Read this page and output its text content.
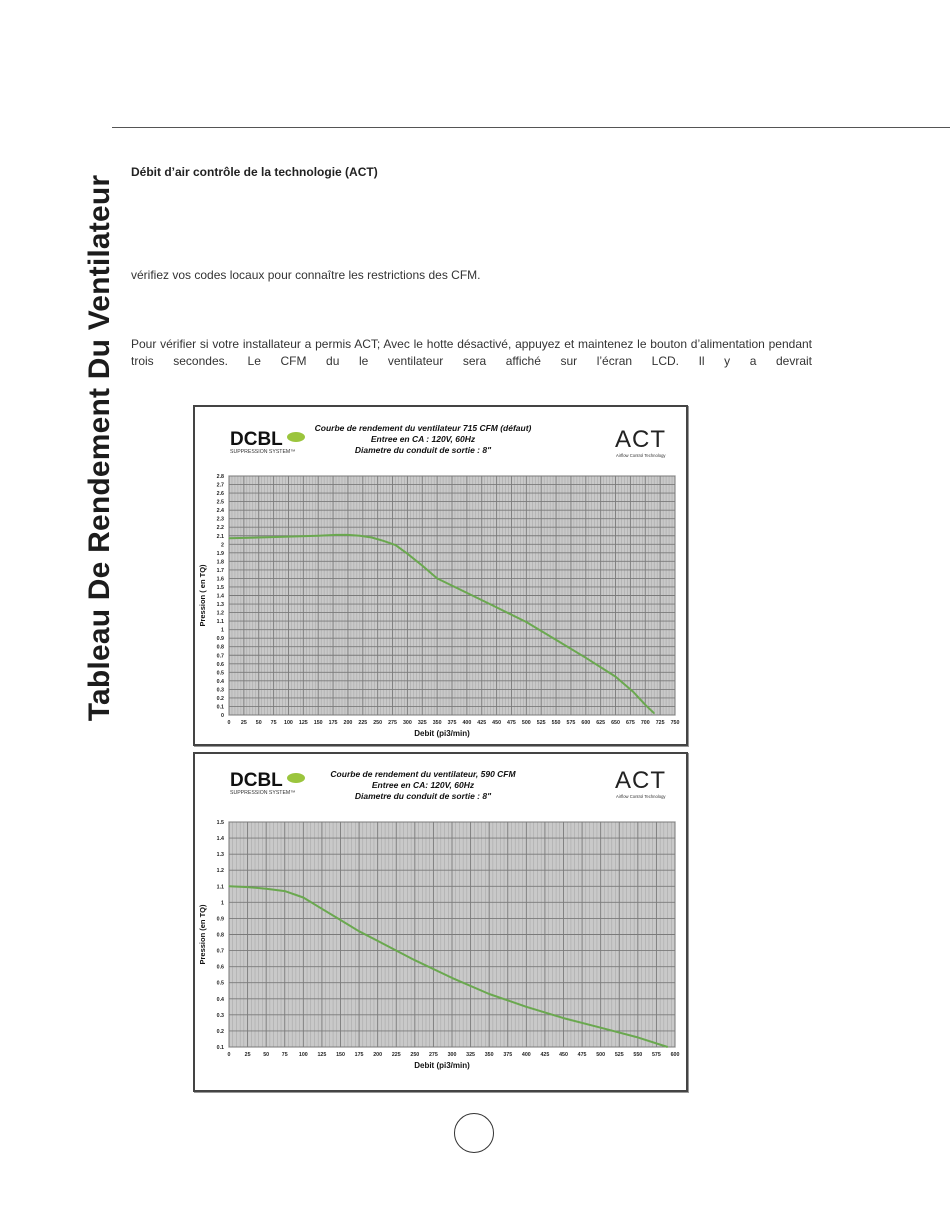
Tableau De Rendement Du Ventilateur
Débit d’air contrôle de la technologie (ACT)
vérifiez vos codes locaux pour connaître les restrictions des CFM.
Pour vérifier si votre installateur a permis ACT; Avec le hotte désactivé, appuyez et maintenez le bouton d’alimentation pendant trois secondes. Le CFM du le ventilateur sera affiché sur l’écran LCD. Il y a devrait
DCBL
SUPPRESSION SYSTEM™
Courbe de rendement du ventilateur 715 CFM (défaut)
Entree en CA : 120V, 60Hz
Diametre du conduit de sortie : 8"	ACT
Airflow Control Technology
0 25 50 75 100 125 150 175 200 225 250 275 300 325 350 375 400 425 450 475 500 525 550 575 600 625 650 675 700 725 750
0
0.1
0.2
0.3
0.4
0.5
0.6
0.7
0.8
0.9
1
1.1
1.2
1.3
1.4
1.5
1.6
1.7
1.8
1.9
2
2.1
2.2
2.3
2.4
2.5
2.6
2.7
2.8
Debit (pi3/min)
Pression ( en TQ)
DCBL
SUPPRESSION SYSTEM™
Courbe de rendement du ventilateur, 590 CFM
Entree en CA: 120V, 60Hz
Diametre du conduit de sortie : 8"
ACT
Airflow Control Technology
0	25 50 75 100 125 150 175 200 225 250 275 300 325 350 375 400 425 450 475 500 525 550 575 600
0.1
0.2
0.3
0.4
0.5
0.6
0.7
0.8
0.9
1
1.1
1.2
1.3
1.4
1.5
Debit (pi3/min)
Pression (en TQ)
